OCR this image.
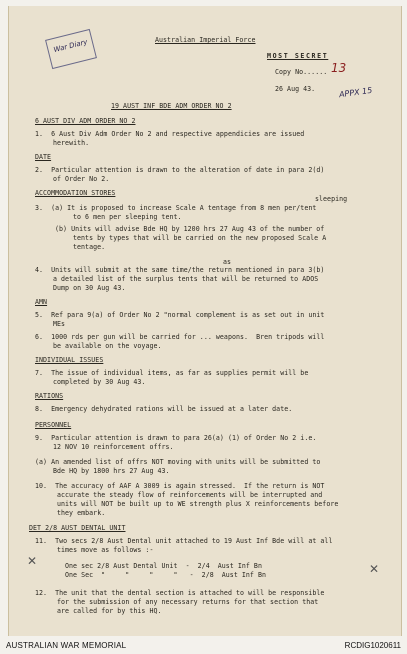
Australian Imperial Force
War Diary
MOST SECRET
Copy No...... 13
26 Aug 43.	APPX 15
19 AUST INF BDE ADM ORDER NO 2
6 AUST DIV ADM ORDER NO 2
1.  6 Aust Div Adm Order No 2 and respective appendicies are issued
herewith.
DATE
2.  Particular attention is drawn to the alteration of date in para 2(d)
of Order No 2.
ACCOMMODATION STORES
sleeping
3.  (a) It is proposed to increase Scale A tentage from 8 men per/tent
to 6 men per sleeping tent.
(b) Units will advise Bde HQ by 1200 hrs 27 Aug 43 of the number of
tents by types that will be carried on the new proposed Scale A
tentage.
as
4.  Units will submit at the same time/the return mentioned in para 3(b)
a detailed list of the surplus tents that will be returned to ADOS
Dump on 30 Aug 43.
AMN
5.  Ref para 9(a) of Order No 2 "normal complement is as set out in unit
MEs
6.  1000 rds per gun will be carried for ... weapons.  Bren tripods will
be available on the voyage.
INDIVIDUAL ISSUES
7.  The issue of individual items, as far as supplies permit will be
completed by 30 Aug 43.
RATIONS
8.  Emergency dehydrated rations will be issued at a later date.
PERSONNEL
9.  Particular attention is drawn to para 26(a) (1) of Order No 2 i.e.
12 NOV 10 reinforcement offrs.
(a) An amended list of offrs NOT moving with units will be submitted to
Bde HQ by 1800 hrs 27 Aug 43.
10.  The accuracy of AAF A 3009 is again stressed.  If the return is NOT
accurate the steady flow of reinforcements will be interrupted and
units will NOT be built up to WE strength plus X reinforcements before
they embark.
DET 2/8 AUST DENTAL UNIT
11.  Two secs 2/8 Aust Dental unit attached to 19 Aust Inf Bde will at all
times move as follows :-
One sec 2/8 Aust Dental Unit  -  2/4  Aust Inf Bn
One Sec  "     "     "     "   -  2/8  Aust Inf Bn
12.  The unit that the dental section is attached to will be responsible
for the submission of any necessary returns for that section that
are called for by this HQ.
✕
✕
AUSTRALIAN WAR MEMORIAL	RCDIG1020611
